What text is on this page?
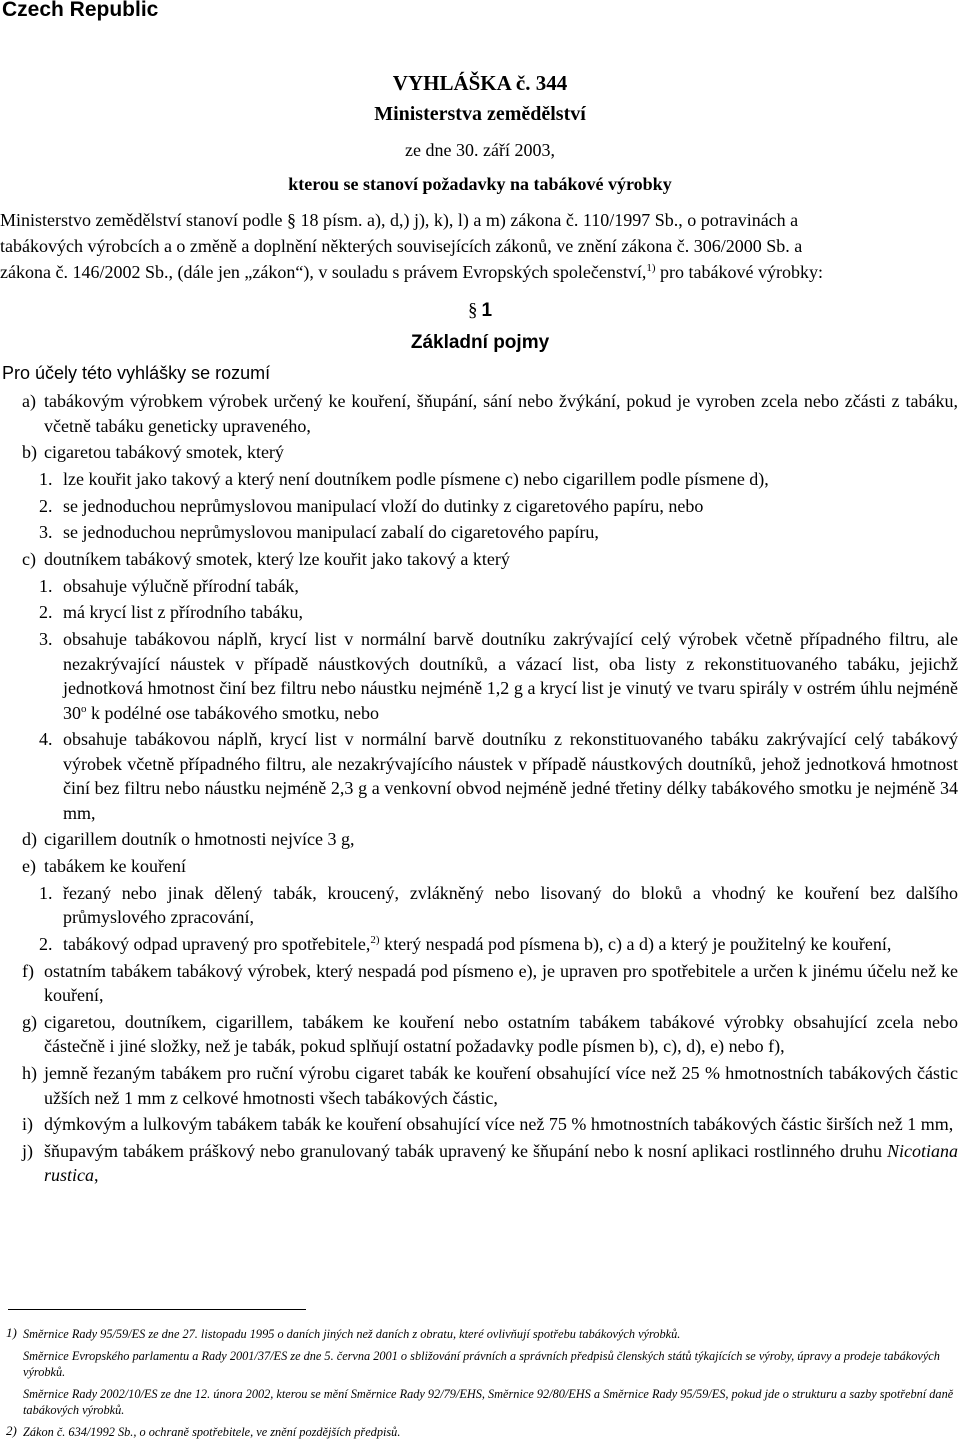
Czech Republic
VYHLÁŠKA č. 344
Ministerstva zemědělství
ze dne 30. září 2003,
kterou se stanoví požadavky na tabákové výrobky
Ministerstvo zemědělství stanoví podle § 18 písm. a), d,) j), k), l) a m) zákona č. 110/1997 Sb., o potravinách a
tabákových výrobcích a o změně a doplnění některých souvisejících zákonů, ve znění zákona č. 306/2000 Sb. a
zákona č. 146/2002 Sb., (dále jen „zákon“), v souladu s právem Evropských společenství,$^{1)}$ pro tabákové výrobky:
§ 1
Základní pojmy
Pro účely této vyhlášky se rozumí
a) tabákovým výrobkem výrobek určený ke kouření, šňupání, sání nebo žvýkání, pokud je vyroben zcela nebo zčásti z tabáku, včetně tabáku geneticky upraveného,
b) cigaretou tabákový smotek, který
1. lze kouřit jako takový a který není doutníkem podle písmene c) nebo cigarillem podle písmene d),
2. se jednoduchou neprůmyslovou manipulací vloží do dutinky z cigaretového papíru, nebo
3. se jednoduchou neprůmyslovou manipulací zabalí do cigaretového papíru,
c) doutníkem tabákový smotek, který lze kouřit jako takový a který
1. obsahuje výlučně přírodní tabák,
2. má krycí list z přírodního tabáku,
3. obsahuje tabákovou náplň, krycí list v normální barvě doutníku zakrývající celý výrobek včetně případného filtru, ale nezakrývající náustek v případě náustkových doutníků, a vázací list, oba listy z rekonstituovaného tabáku, jejichž jednotková hmotnost činí bez filtru nebo náustku nejméně 1,2 g a krycí list je vinutý ve tvaru spirály v ostrém úhlu nejméně 30$^o$ k podélné ose tabákového smotku, nebo
4. obsahuje tabákovou náplň, krycí list v normální barvě doutníku z rekonstituovaného tabáku zakrývající celý tabákový výrobek včetně případného filtru, ale nezakrývajícího náustek v případě náustkových doutníků, jehož jednotková hmotnost činí bez filtru nebo náustku nejméně 2,3 g a venkovní obvod nejméně jedné třetiny délky tabákového smotku je nejméně 34 mm,
d) cigarillem doutník o hmotnosti nejvíce 3 g,
e) tabákem ke kouření
1. řezaný nebo jinak dělený tabák, kroucený, zvlákněný nebo lisovaný do bloků a vhodný ke kouření bez dalšího průmyslového zpracování,
2. tabákový odpad upravený pro spotřebitele,$^{2)}$ který nespadá pod písmena b), c) a d) a který je použitelný ke kouření,
f) ostatním tabákem tabákový výrobek, který nespadá pod písmeno e), je upraven pro spotřebitele a určen k jinému účelu než ke kouření,
g) cigaretou, doutníkem, cigarillem, tabákem ke kouření nebo ostatním tabákem tabákové výrobky obsahující zcela nebo částečně i jiné složky, než je tabák, pokud splňují ostatní požadavky podle písmen b), c), d), e) nebo f),
h) jemně řezaným tabákem pro ruční výrobu cigaret tabák ke kouření obsahující více než 25 % hmotnostních tabákových částic užších než 1 mm z celkové hmotnosti všech tabákových částic,
i) dýmkovým a lulkovým tabákem tabák ke kouření obsahující více než 75 % hmotnostních tabákových částic širších než 1 mm,
j) šňupavým tabákem práškový nebo granulovaný tabák upravený ke šňupání nebo k nosní aplikaci rostlinného druhu Nicotiana rustica,
1) Směrnice Rady 95/59/ES ze dne 27. listopadu 1995 o daních jiných než daních z obratu, které ovlivňují spotřebu tabákových výrobků.
Směrnice Evropského parlamentu a Rady 2001/37/ES ze dne 5. června 2001 o sbližování právních a správních předpisů členských států týkajících se výroby, úpravy a prodeje tabákových výrobků.
Směrnice Rady 2002/10/ES ze dne 12. února 2002, kterou se mění Směrnice Rady 92/79/EHS, Směrnice 92/80/EHS a Směrnice Rady 95/59/ES, pokud jde o strukturu a sazby spotřební daně tabákových výrobků.
2) Zákon č. 634/1992 Sb., o ochraně spotřebitele, ve znění pozdějších předpisů.
